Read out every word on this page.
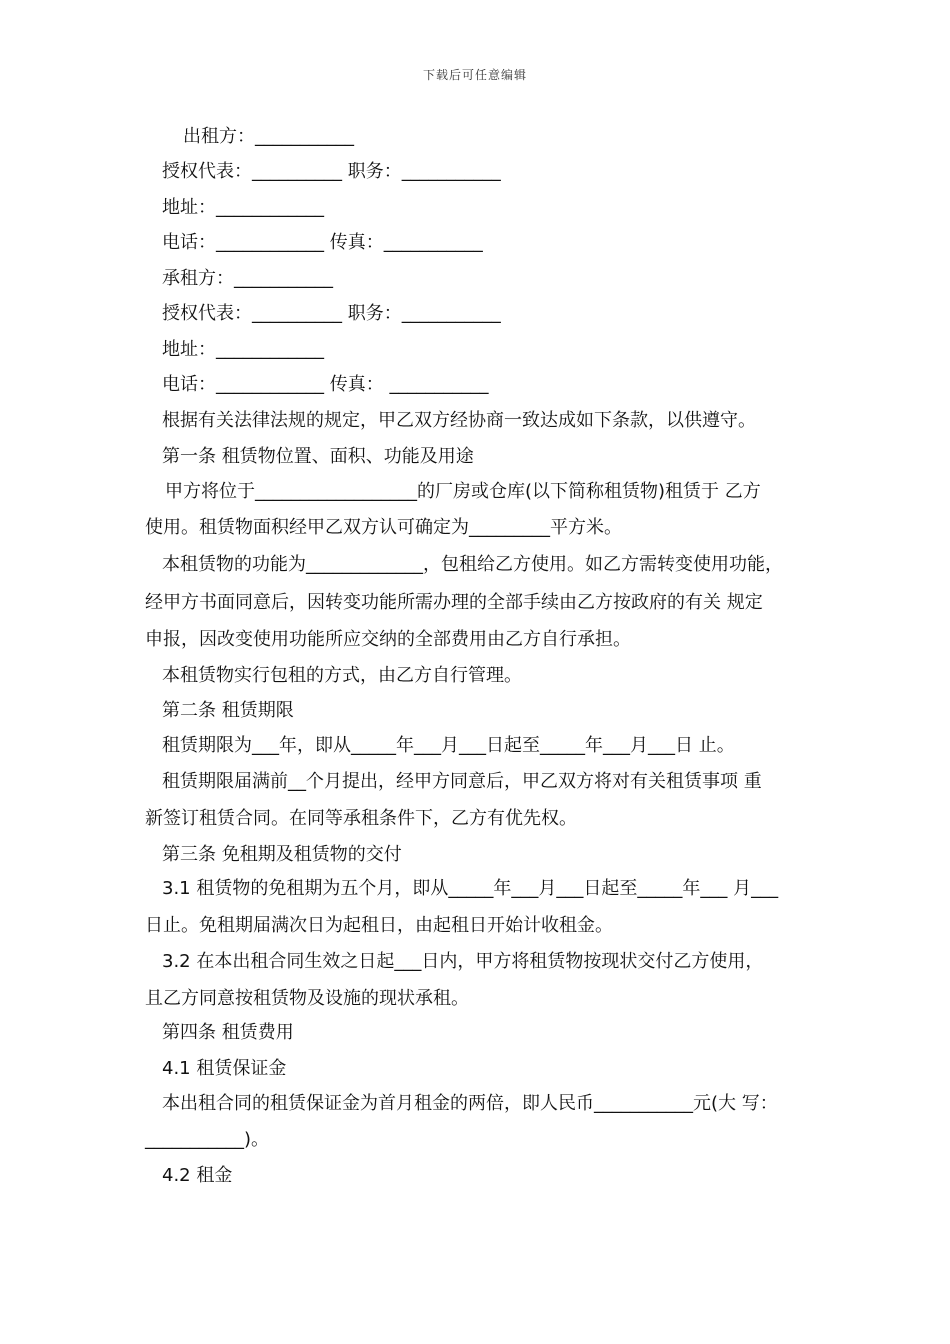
下载后可任意编辑
出租方：___________
授权代表：__________ 职务：___________
地址：____________
电话：____________ 传真：___________
承租方：___________
授权代表：__________ 职务：___________
地址：____________
电话：____________ 传真： ___________
根据有关法律法规的规定，甲乙双方经协商一致达成如下条款，以供遵守。
第一条 租赁物位置、面积、功能及用途
甲方将位于__________________的厂房或仓库(以下简称租赁物)租赁于 乙方
使用。租赁物面积经甲乙双方认可确定为_________平方米。
本租赁物的功能为_____________，包租给乙方使用。如乙方需转变使用功能，
经甲方书面同意后，因转变功能所需办理的全部手续由乙方按政府的有关 规定
申报，因改变使用功能所应交纳的全部费用由乙方自行承担。
本租赁物实行包租的方式，由乙方自行管理。
第二条 租赁期限
租赁期限为___年，即从_____年___月___日起至_____年___月___日 止。
租赁期限届满前__个月提出，经甲方同意后，甲乙双方将对有关租赁事项 重
新签订租赁合同。在同等承租条件下，乙方有优先权。
第三条 免租期及租赁物的交付
3.1 租赁物的免租期为五个月，即从_____年___月___日起至_____年___ 月___
日止。免租期届满次日为起租日，由起租日开始计收租金。
3.2 在本出租合同生效之日起___日内，甲方将租赁物按现状交付乙方使用，
且乙方同意按租赁物及设施的现状承租。
第四条 租赁费用
4.1 租赁保证金
本出租合同的租赁保证金为首月租金的两倍，即人民币___________元(大 写：
___________)。
4.2 租金
